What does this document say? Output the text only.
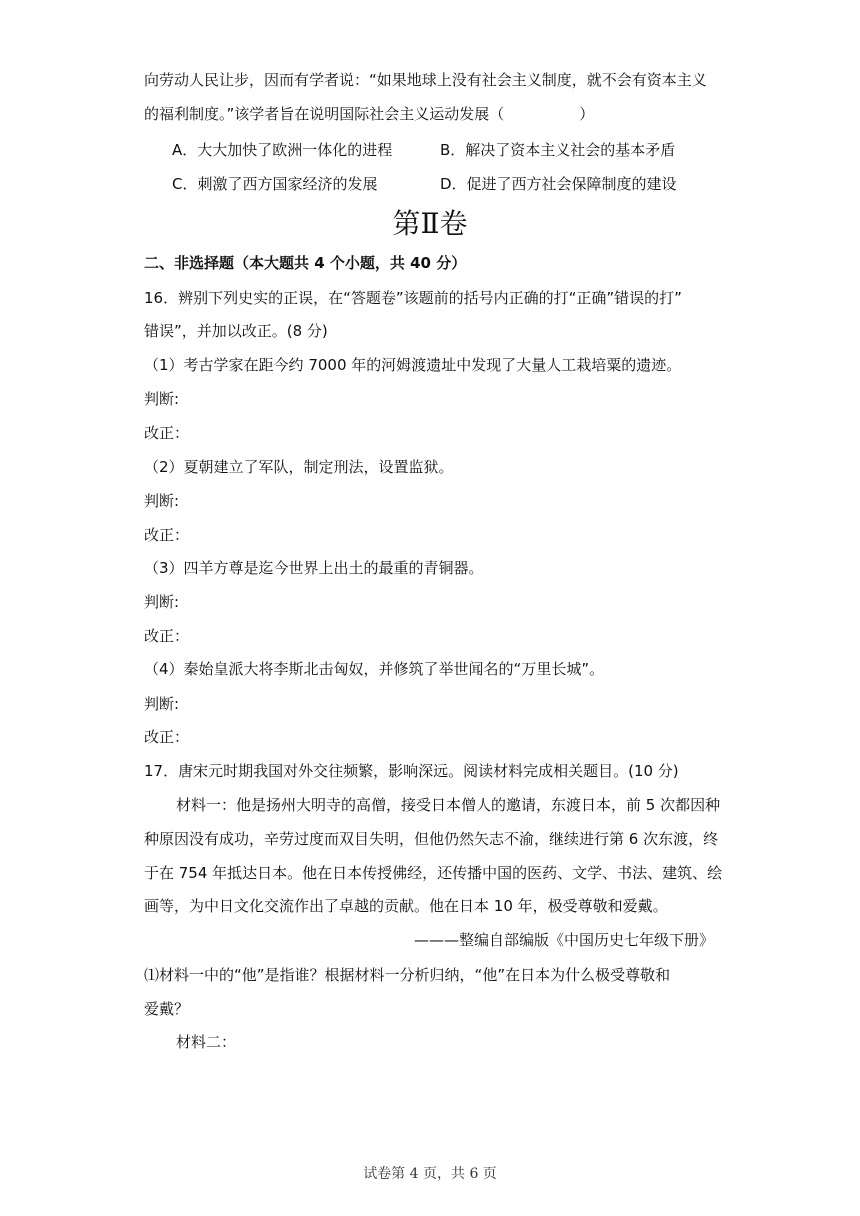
向劳动人民让步，因而有学者说：“如果地球上没有社会主义制度，就不会有资本主义
的福利制度。”该学者旨在说明国际社会主义运动发展（　　　　　）
A．大大加快了欧洲一体化的进程	B．解决了资本主义社会的基本矛盾
C．刺激了西方国家经济的发展	D．促进了西方社会保障制度的建设
第Ⅱ卷
二、非选择题（本大题共 4 个小题，共 40 分）
16．辨别下列史实的正误，在“答题卷”该题前的括号内正确的打“正确”错误的打”
错误”，并加以改正。(8 分)
（1）考古学家在距今约 7000 年的河姆渡遗址中发现了大量人工栽培粟的遗迹。
判断:
改正：
（2）夏朝建立了军队，制定刑法，设置监狱。
判断:
改正：
（3）四羊方尊是迄今世界上出土的最重的青铜器。
判断:
改正：
（4）秦始皇派大将李斯北击匈奴，并修筑了举世闻名的“万里长城”。
判断:
改正：
17．唐宋元时期我国对外交往频繁，影响深远。阅读材料完成相关题目。(10 分)
材料一：他是扬州大明寺的高僧，接受日本僧人的邀请，东渡日本，前 5 次都因种
种原因没有成功，辛劳过度而双目失明，但他仍然矢志不渝，继续进行第 6 次东渡，终
于在 754 年抵达日本。他在日本传授佛经，还传播中国的医药、文学、书法、建筑、绘
画等，为中日文化交流作出了卓越的贡献。他在日本 10 年，极受尊敬和爱戴。
———整编自部编版《中国历史七年级下册》
⑴材料一中的“他”是指谁？根据材料一分析归纳，“他”在日本为什么极受尊敬和
爱戴？
材料二：
试卷第 4 页，共 6 页
